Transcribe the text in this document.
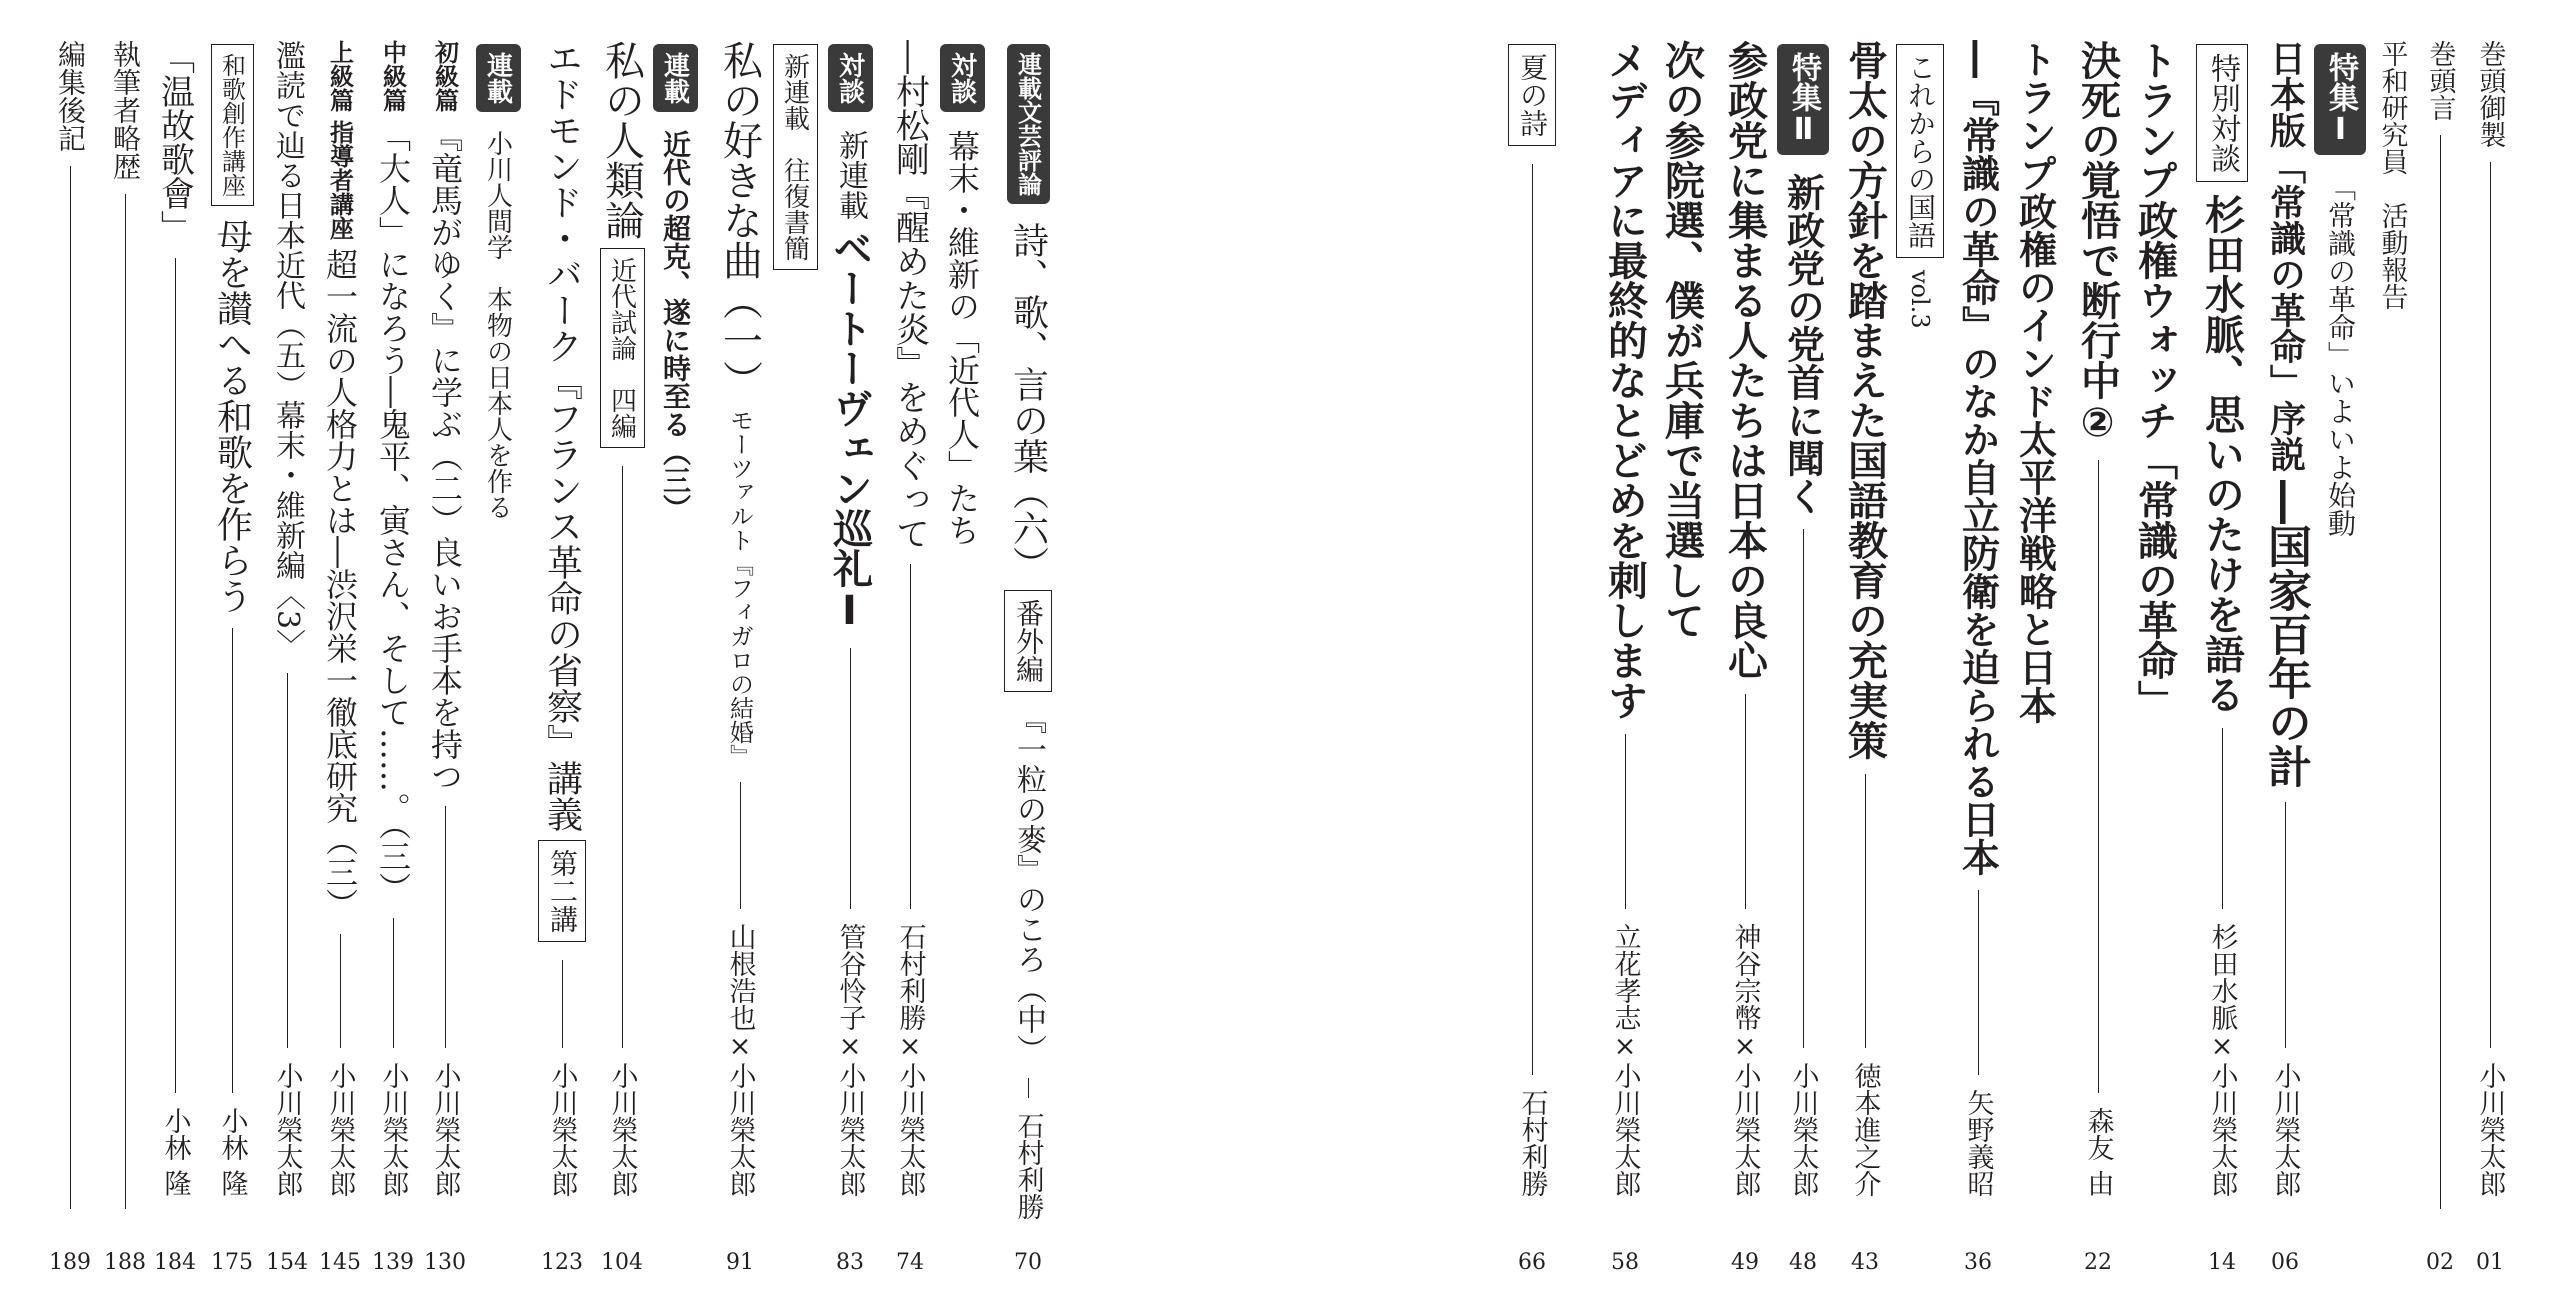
巻頭御製
小川榮太郎
01
巻頭言
02
平和研究員　活動報告
特集Ⅰ
「常識の革命」いよいよ始動
日本版「常識の革命」序説
―国家百年の計
小川榮太郎
06
特別対談
杉田水脈、思いのたけを語る
杉田水脈×小川榮太郎
14
トランプ政権ウォッチ「常識の革命」
決死の覚悟で断行中②
森友 由
22
トランプ政権のインド太平洋戦略と日本
―『常識の革命』のなか自立防衛を迫られる日本
矢野義昭
36
これからの国語
vol.3
骨太の方針を踏まえた国語教育の充実策
徳本進之介
43
特集Ⅱ
新政党の党首に聞く
小川榮太郎
48
参政党に集まる人たちは日本の良心
神谷宗幣×小川榮太郎
49
次の参院選、僕が兵庫で当選して
メディアに最終的なとどめを刺します
立花孝志×小川榮太郎
58
夏の詩
石村利勝
66
連載文芸評論
詩、歌、言の葉（六）
番外編
『一粒の麥』のころ（中）
石村利勝
70
対談
幕末・維新の「近代人」たち
―村松剛『醒めた炎』をめぐって
石村利勝×小川榮太郎
74
対談
新連載
ベートーヴェン巡礼Ⅰ
管谷怜子×小川榮太郎
83
新連載　往復書簡
私の好きな曲（一）
モーツァルト『フィガロの結婚』
山根浩也×小川榮太郎
91
連載
近代の超克、遂に時至る（三）
私の人類論
近代試論　四編
小川榮太郎
104
エドモンド・バーク『フランス革命の省察』講義
第二講
小川榮太郎
123
連載
小川人間学　本物の日本人を作る
初級篇
『竜馬がゆく』に学ぶ（二）良いお手本を持つ
小川榮太郎
130
中級篇
「大人」になろう―鬼平、寅さん、そして……。（三）
小川榮太郎
139
上級篇
指導者講座
超一流の人格力とは―渋沢栄一徹底研究（三）
小川榮太郎
145
濫読で辿る日本近代（五）幕末・維新編〈3〉
小川榮太郎
154
和歌創作講座
母を讃へる和歌を作らう
小林 隆
175
「温故歌會」
小林 隆
184
執筆者略歴
188
編集後記
189
